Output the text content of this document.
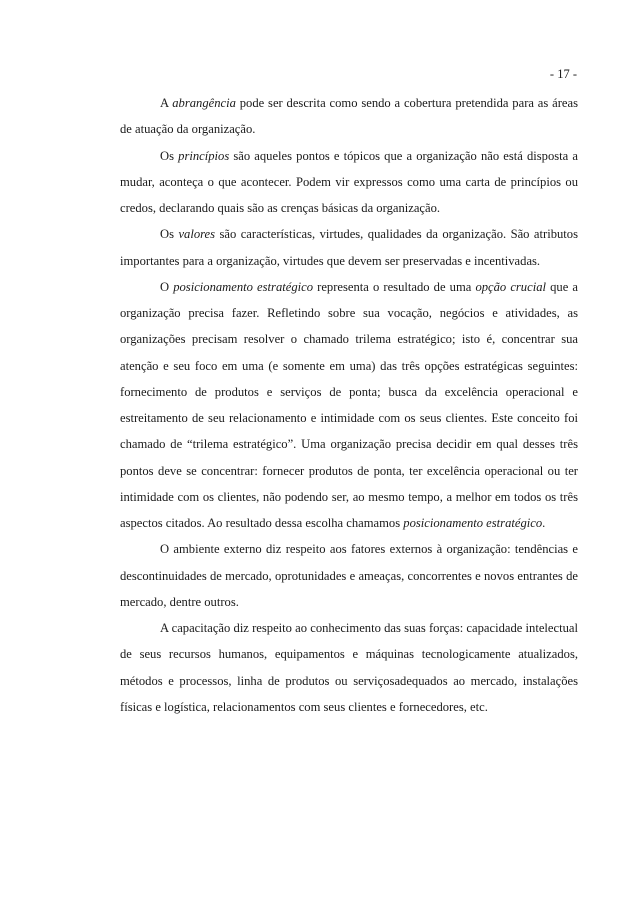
- 17 -

A abrangência pode ser descrita como sendo a cobertura pretendida para as áreas de atuação da organização.

Os princípios são aqueles pontos e tópicos que a organização não está disposta a mudar, aconteça o que acontecer. Podem vir expressos como uma carta de princípios ou credos, declarando quais são as crenças básicas da organização.

Os valores são características, virtudes, qualidades da organização. São atributos importantes para a organização, virtudes que devem ser preservadas e incentivadas.

O posicionamento estratégico representa o resultado de uma opção crucial que a organização precisa fazer. Refletindo sobre sua vocação, negócios e atividades, as organizações precisam resolver o chamado trilema estratégico; isto é, concentrar sua atenção e seu foco em uma (e somente em uma) das três opções estratégicas seguintes: fornecimento de produtos e serviços de ponta; busca da excelência operacional e estreitamento de seu relacionamento e intimidade com os seus clientes. Este conceito foi chamado de “trilema estratégico”. Uma organização precisa decidir em qual desses três pontos deve se concentrar: fornecer produtos de ponta, ter excelência operacional ou ter intimidade com os clientes, não podendo ser, ao mesmo tempo, a melhor em todos os três aspectos citados. Ao resultado dessa escolha chamamos posicionamento estratégico.

O ambiente externo diz respeito aos fatores externos à organização: tendências e descontinuidades de mercado, oprotunidades e ameaças, concorrentes e novos entrantes de mercado, dentre outros.

A capacitação diz respeito ao conhecimento das suas forças: capacidade intelectual de seus recursos humanos, equipamentos e máquinas tecnologicamente atualizados, métodos e processos, linha de produtos ou serviçosadequados ao mercado, instalações físicas e logística, relacionamentos com seus clientes e fornecedores, etc.
